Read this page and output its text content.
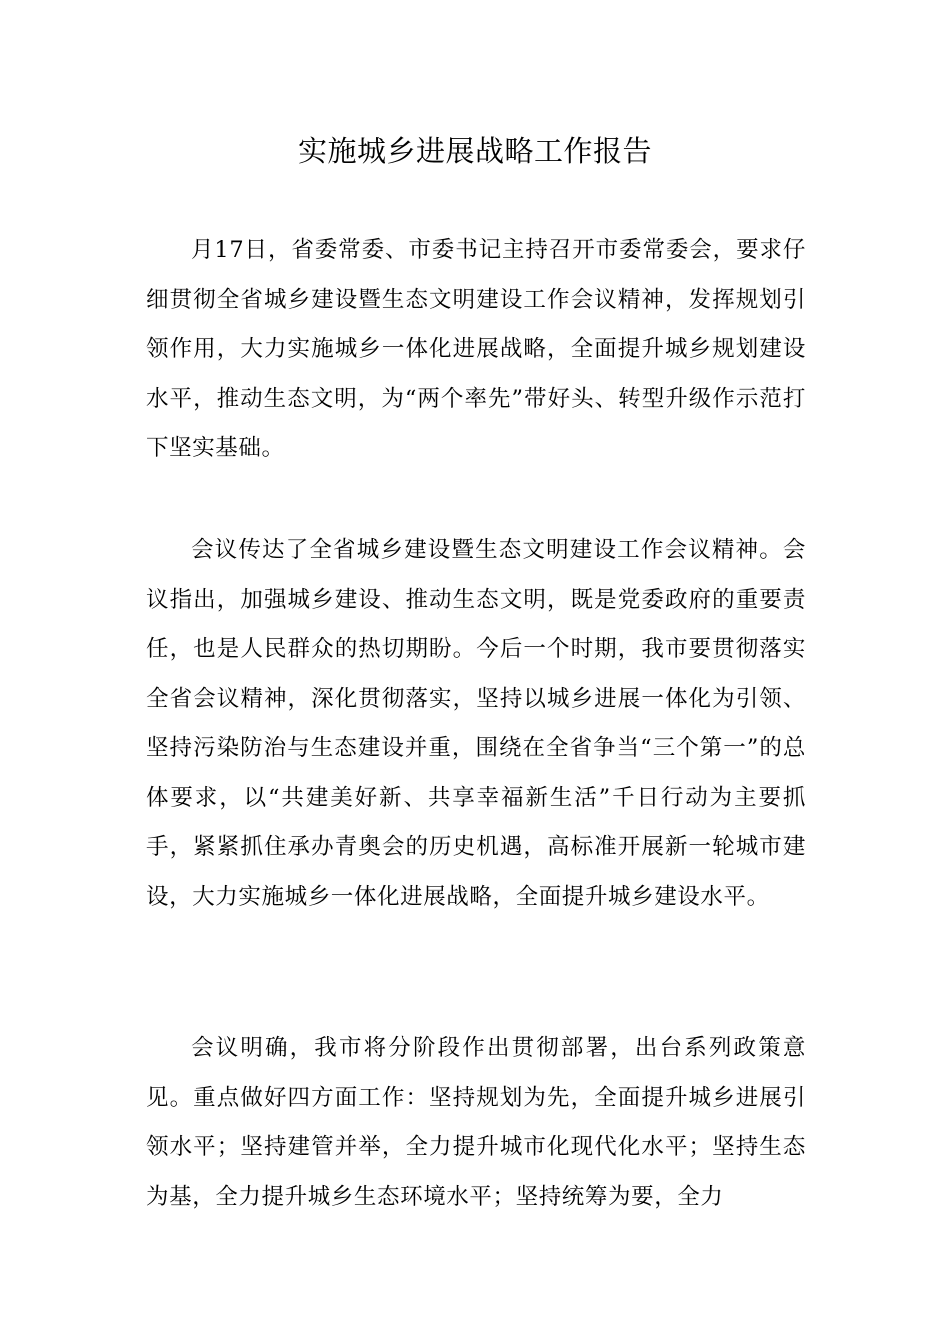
实施城乡进展战略工作报告

月17日，省委常委、市委书记主持召开市委常委会，要求仔细贯彻全省城乡建设暨生态文明建设工作会议精神，发挥规划引领作用，大力实施城乡一体化进展战略，全面提升城乡规划建设水平，推动生态文明，为“两个率先”带好头、转型升级作示范打下坚实基础。

会议传达了全省城乡建设暨生态文明建设工作会议精神。会议指出，加强城乡建设、推动生态文明，既是党委政府的重要责任，也是人民群众的热切期盼。今后一个时期，我市要贯彻落实全省会议精神，深化贯彻落实，坚持以城乡进展一体化为引领、坚持污染防治与生态建设并重，围绕在全省争当“三个第一”的总体要求，以“共建美好新、共享幸福新生活”千日行动为主要抓手，紧紧抓住承办青奥会的历史机遇，高标准开展新一轮城市建设，大力实施城乡一体化进展战略，全面提升城乡建设水平。

会议明确，我市将分阶段作出贯彻部署，出台系列政策意见。重点做好四方面工作：坚持规划为先，全面提升城乡进展引领水平；坚持建管并举，全力提升城市化现代化水平；坚持生态为基，全力提升城乡生态环境水平；坚持统筹为要，全力
